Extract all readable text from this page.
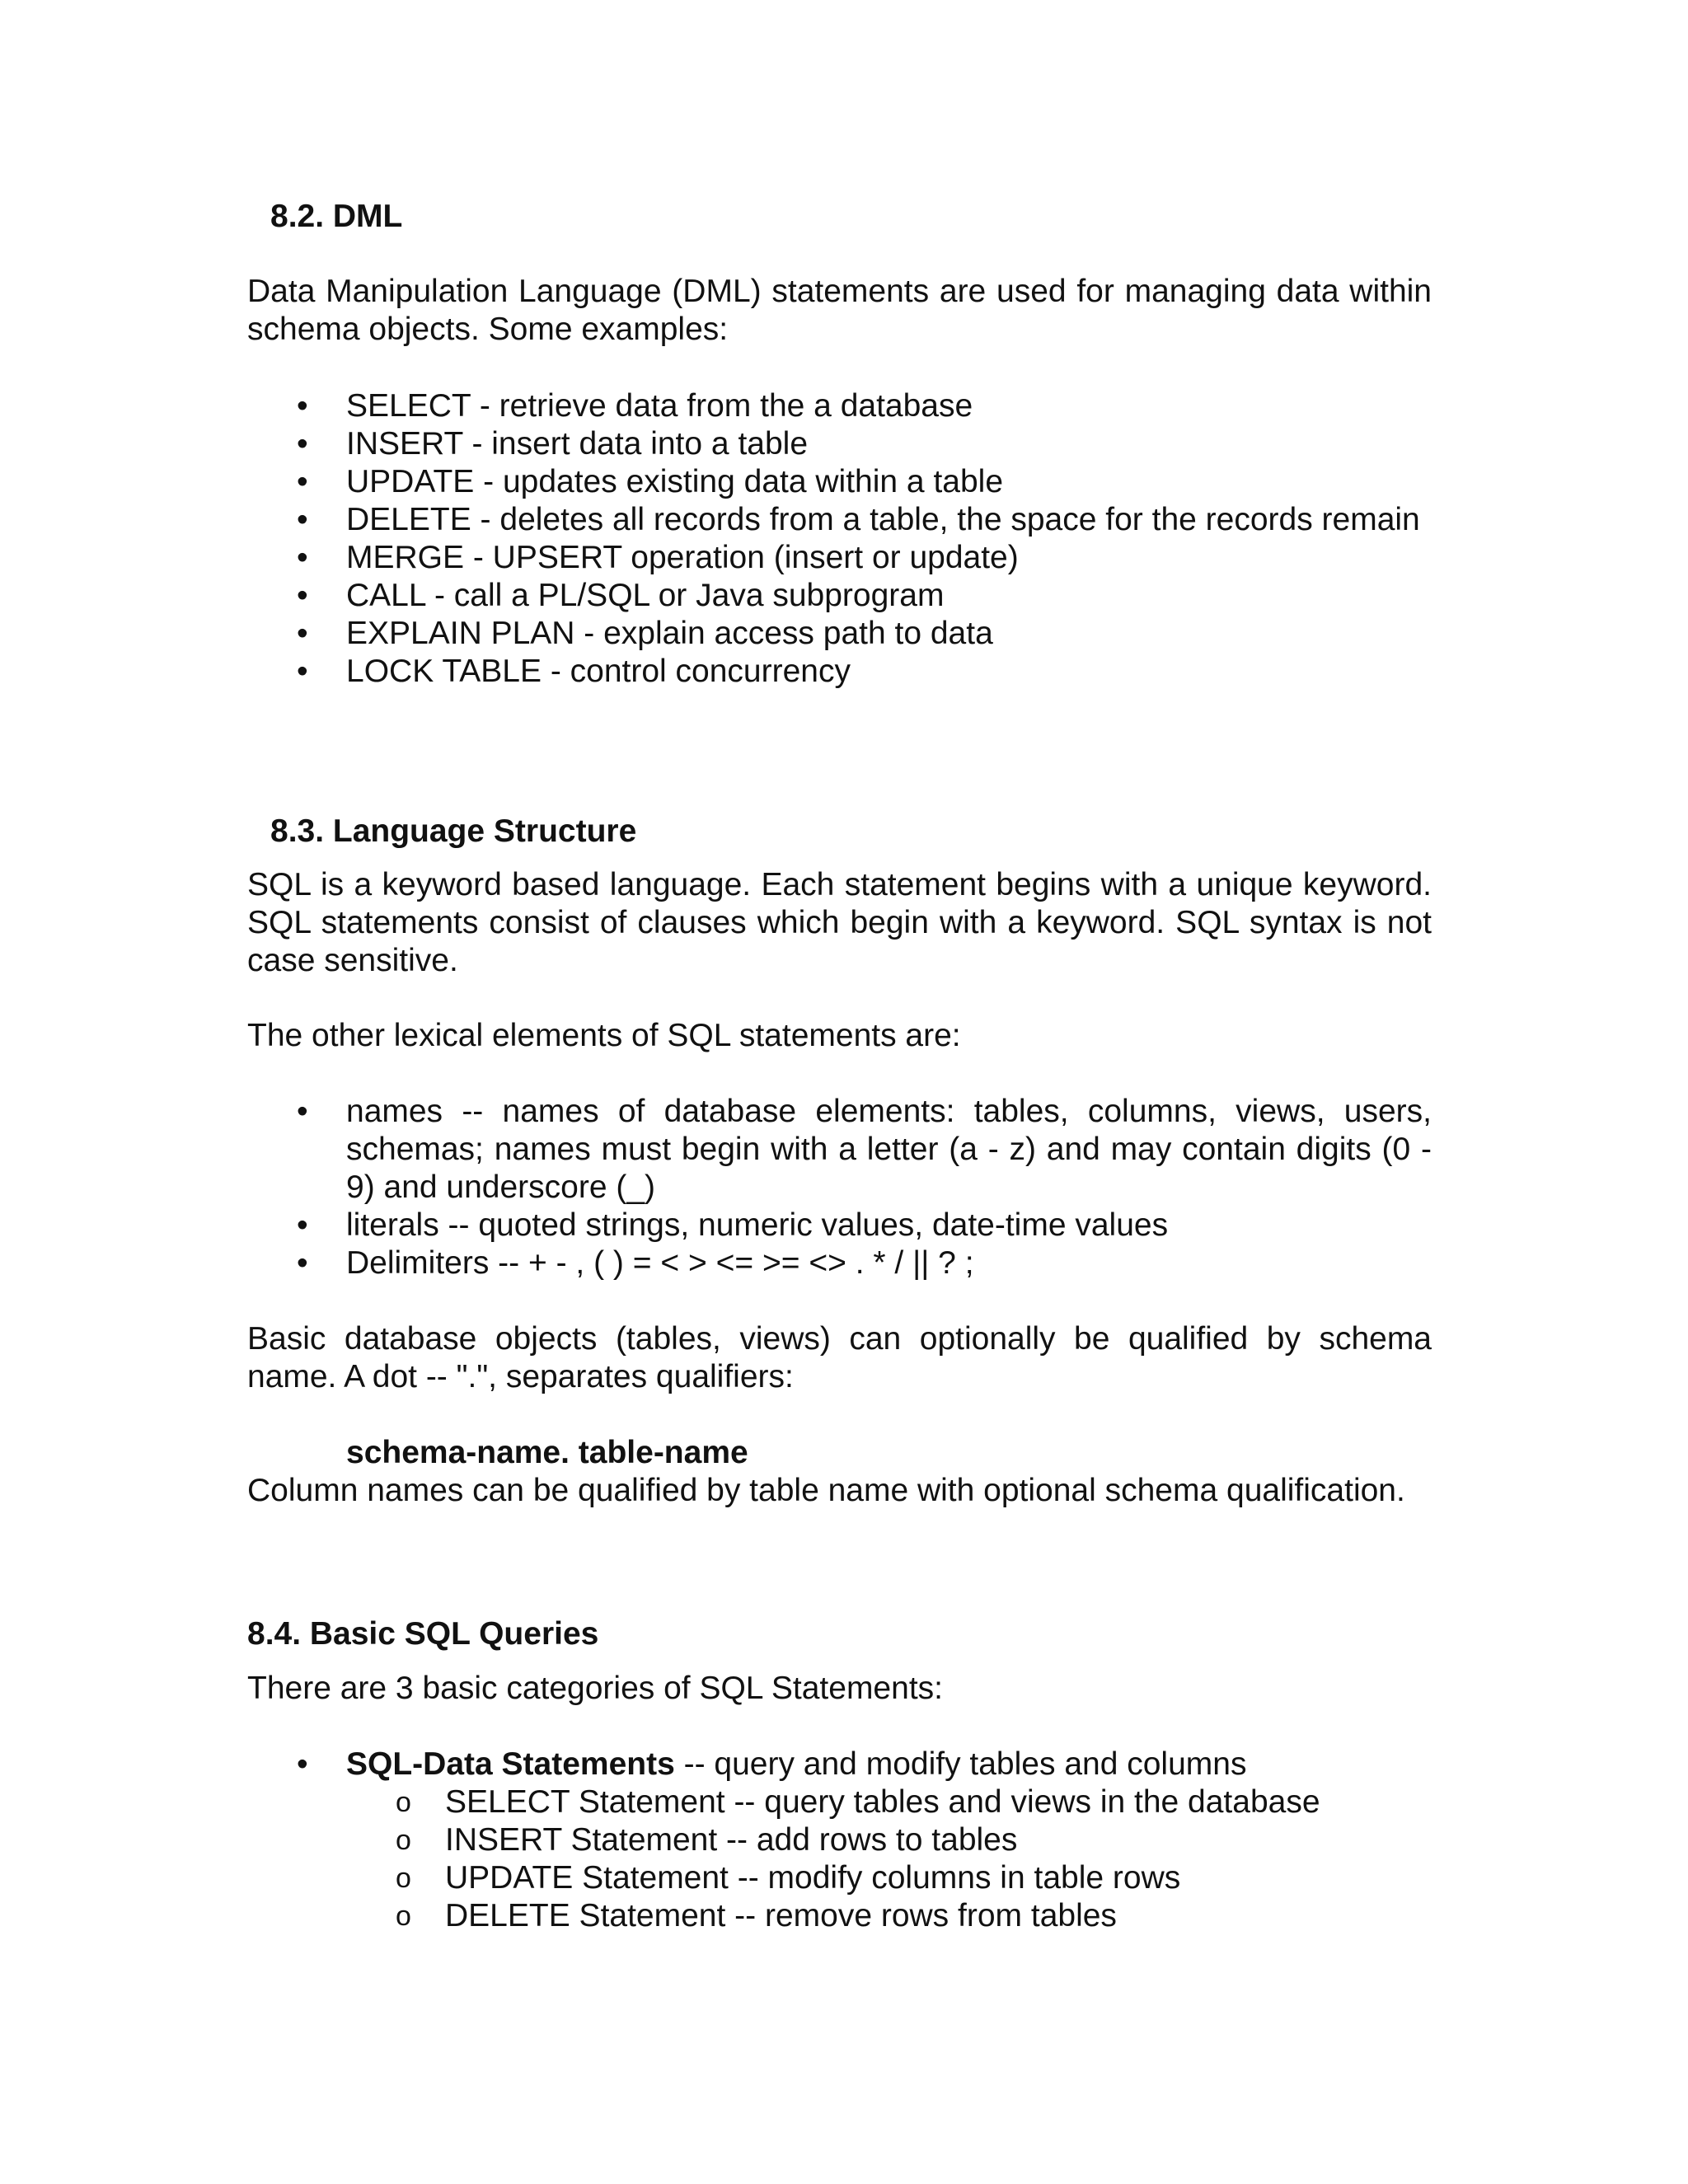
8.2. DML

Data Manipulation Language (DML) statements are used for managing data within schema objects. Some examples:

•	SELECT - retrieve data from the a database
•	INSERT - insert data into a table
•	UPDATE - updates existing data within a table
•	DELETE - deletes all records from a table, the space for the records remain
•	MERGE - UPSERT operation (insert or update)
•	CALL - call a PL/SQL or Java subprogram
•	EXPLAIN PLAN - explain access path to data
•	LOCK TABLE - control concurrency
8.3. Language Structure

SQL is a keyword based language. Each statement begins with a unique keyword. SQL statements consist of clauses which begin with a keyword. SQL syntax is not case sensitive.

The other lexical elements of SQL statements are:

•	names -- names of database elements: tables, columns, views, users, schemas; names must begin with a letter (a - z) and may contain digits (0 - 9) and underscore (_)
•	literals -- quoted strings, numeric values, date-time values
•	Delimiters -- + - , ( ) = < > <= >= <> . * / || ? ;

Basic database objects (tables, views) can optionally be qualified by schema name. A dot -- ".", separates qualifiers:

schema-name. table-name

Column names can be qualified by table name with optional schema qualification.

8.4. Basic SQL Queries

There are 3 basic categories of SQL Statements:

•	SQL-Data Statements -- query and modify tables and columns
o SELECT Statement -- query tables and views in the database
o INSERT Statement -- add rows to tables
o UPDATE Statement -- modify columns in table rows
o DELETE Statement -- remove rows from tables
